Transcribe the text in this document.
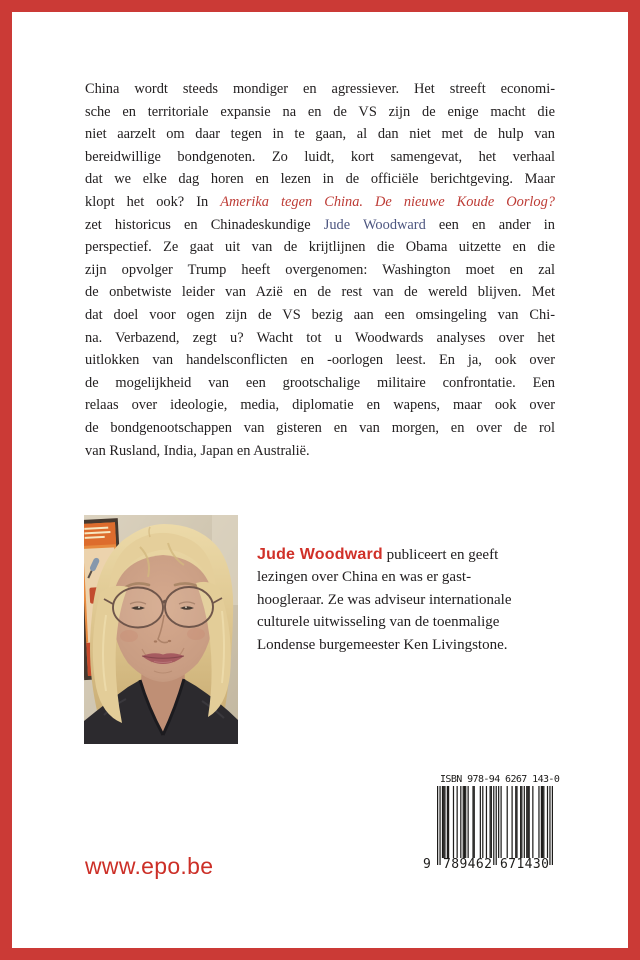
China wordt steeds mondiger en agressiever. Het streeft economi-
sche en territoriale expansie na en de VS zijn de enige macht die
niet aarzelt om daar tegen in te gaan, al dan niet met de hulp van
bereidwillige bondgenoten. Zo luidt, kort samengevat, het verhaal
dat we elke dag horen en lezen in de officiële berichtgeving. Maar
klopt het ook? In Amerika tegen China. De nieuwe Koude Oorlog?
zet historicus en Chinadeskundige Jude Woodward een en ander in
perspectief. Ze gaat uit van de krijtlijnen die Obama uitzette en die
zijn opvolger Trump heeft overgenomen: Washington moet en zal
de onbetwiste leider van Azië en de rest van de wereld blijven. Met
dat doel voor ogen zijn de VS bezig aan een omsingeling van Chi-
na. Verbazend, zegt u? Wacht tot u Woodwards analyses over het
uitlokken van handelsconflicten en -oorlogen leest. En ja, ook over
de mogelijkheid van een grootschalige militaire confrontatie. Een
relaas over ideologie, media, diplomatie en wapens, maar ook over
de bondgenootschappen van gisteren en van morgen, en over de rol
van Rusland, India, Japan en Australië.
Jude Woodward publiceert en geeft
lezingen over China en was er gast-
hoogleraar. Ze was adviseur internationale
culturele uitwisseling van de toenmalige
Londense burgemeester Ken Livingstone.
www.epo.be
ISBN 978-94 6267 143-0
9 789462 671430
